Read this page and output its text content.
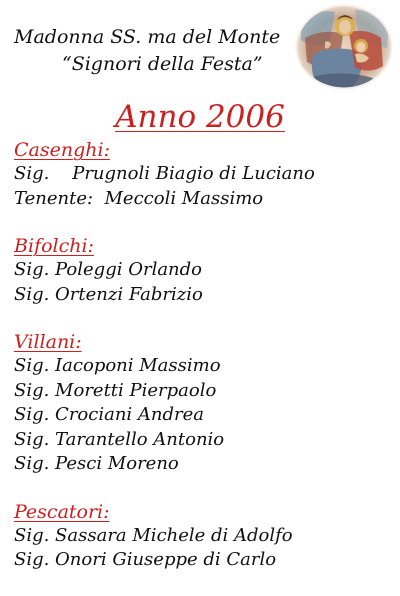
Madonna SS. ma del Monte
“Signori della Festa”
Anno 2006
Casenghi:
Sig.    Prugnoli Biagio di Luciano
Tenente:  Meccoli Massimo
Bifolchi:
Sig. Poleggi Orlando
Sig. Ortenzi Fabrizio
Villani:
Sig. Iacoponi Massimo
Sig. Moretti Pierpaolo
Sig. Crociani Andrea
Sig. Tarantello Antonio
Sig. Pesci Moreno
Pescatori:
Sig. Sassara Michele di Adolfo
Sig. Onori Giuseppe di Carlo
